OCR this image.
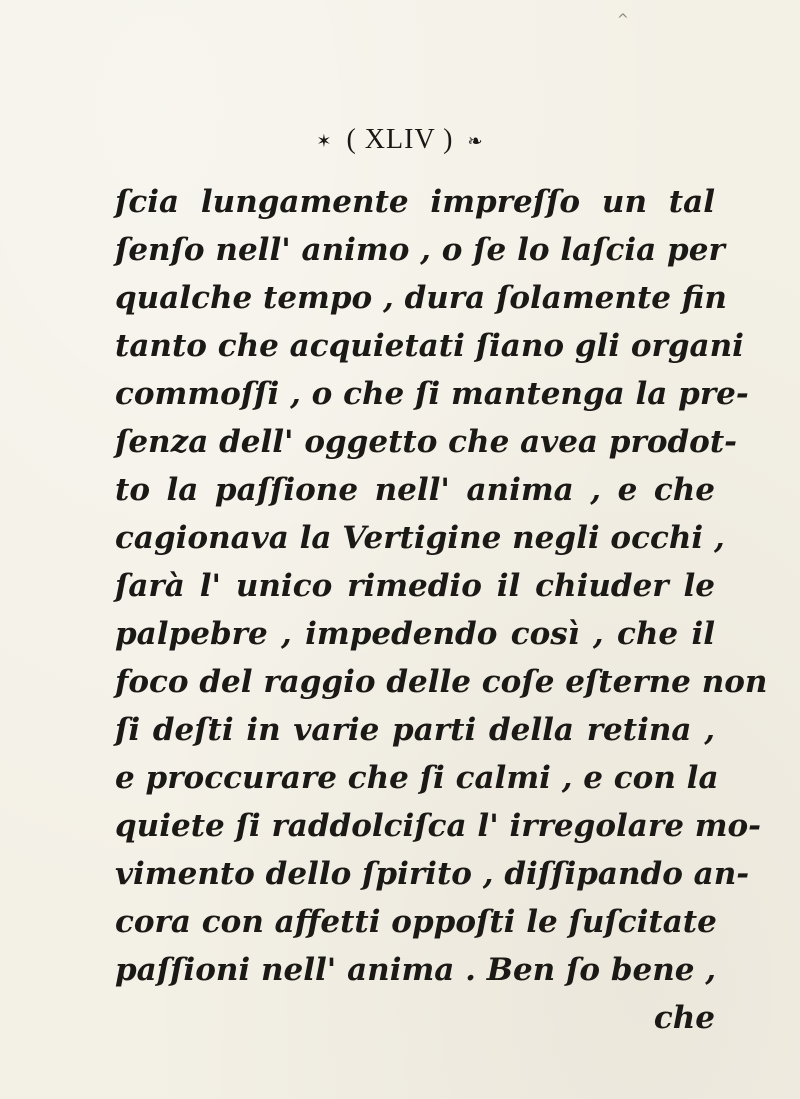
^
✶ ( XLIV ) ❧
ſcia lungamente impreſſo un tal
ſenſo nell' animo , o ſe lo laſcia per
qualche tempo , dura ſolamente fin
tanto che acquietati ſiano gli organi
commoſſi , o che ſi mantenga la pre-
ſenza dell' oggetto che avea prodot-
to la paſſione nell' anima , e che
cagionava la Vertigine negli occhi ,
ſarà l' unico rimedio il chiuder le
palpebre , impedendo così , che il
foco del raggio delle coſe eſterne non
ſi deſti in varie parti della retina ,
e proccurare che ſi calmi , e con la
quiete ſi raddolciſca l' irregolare mo-
vimento dello ſpirito , diſſipando an-
cora con affetti oppoſti le ſuſcitate
paſſioni nell' anima . Ben ſo bene ,
che
